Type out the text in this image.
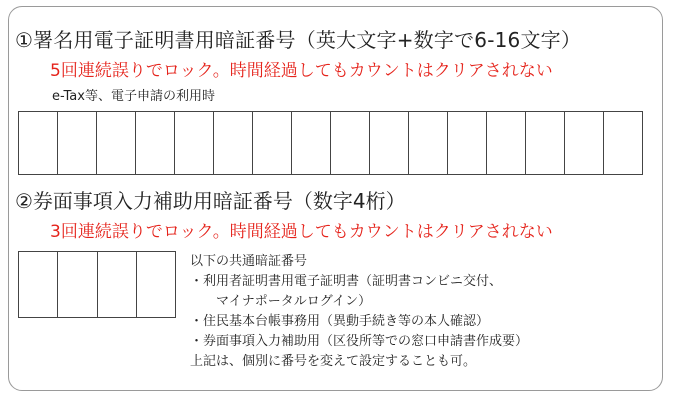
①署名用電子証明書用暗証番号（英大文字+数字で6-16文字）
5回連続誤りでロック。時間経過してもカウントはクリアされない
e-Tax等、電子申請の利用時
②券面事項入力補助用暗証番号（数字4桁）
3回連続誤りでロック。時間経過してもカウントはクリアされない
以下の共通暗証番号
・利用者証明書用電子証明書（証明書コンビニ交付、
マイナポータルログイン）
・住民基本台帳事務用（異動手続き等の本人確認）
・券面事項入力補助用（区役所等での窓口申請書作成要）
上記は、個別に番号を変えて設定することも可。
